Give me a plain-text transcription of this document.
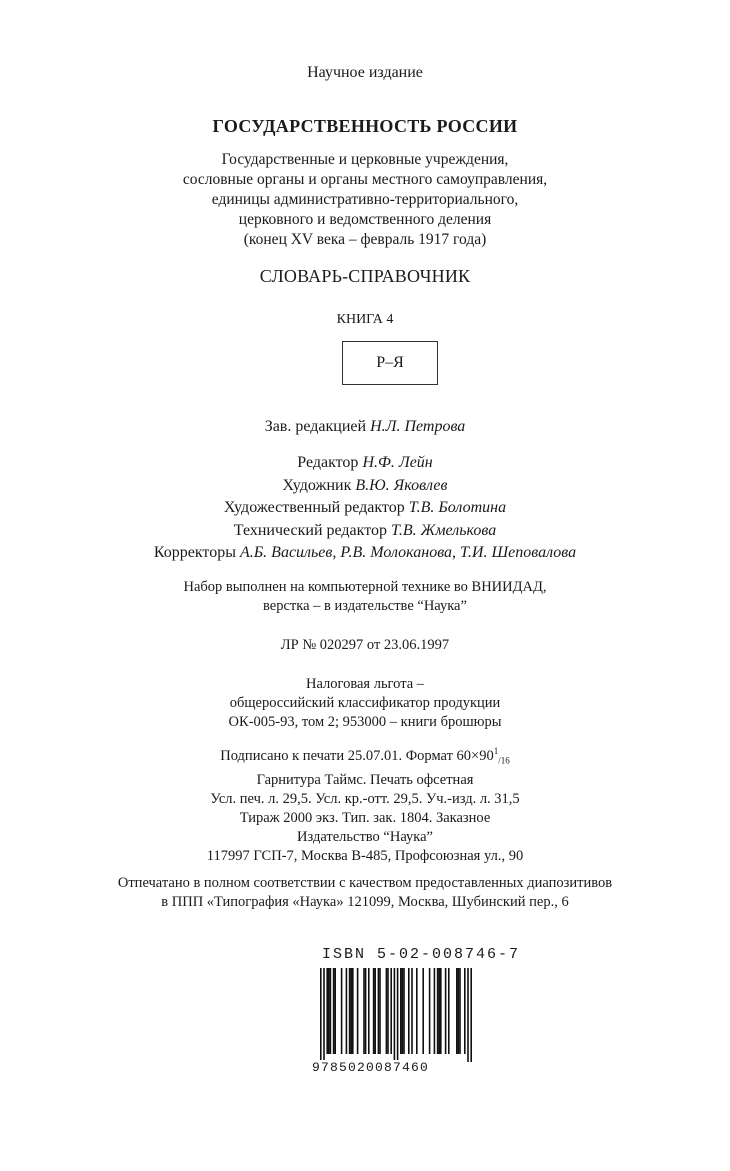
Научное издание
ГОСУДАРСТВЕННОСТЬ РОССИИ
Государственные и церковные учреждения,
сословные органы и органы местного самоуправления,
единицы административно-территориального,
церковного и ведомственного деления
(конец XV века – февраль 1917 года)
СЛОВАРЬ-СПРАВОЧНИК
КНИГА 4
Р–Я
Зав. редакцией Н.Л. Петрова
Редактор Н.Ф. Лейн
Художник В.Ю. Яковлев
Художественный редактор Т.В. Болотина
Технический редактор Т.В. Жмелькова
Корректоры А.Б. Васильев, Р.В. Молоканова, Т.И. Шеповалова
Набор выполнен на компьютерной технике во ВНИИДАД,
верстка – в издательстве “Наука”
ЛР № 020297 от 23.06.1997
Налоговая льгота –
общероссийский классификатор продукции
ОК-005-93, том 2; 953000 – книги брошюры
Подписано к печати 25.07.01. Формат $60\times 90^1_{/16}$
Гарнитура Таймс. Печать офсетная
Усл. печ. л. 29,5. Усл. кр.-отт. 29,5. Уч.-изд. л. 31,5
Тираж 2000 экз. Тип. зак. 1804. Заказное
Издательство “Наука”
117997 ГСП-7, Москва В-485, Профсоюзная ул., 90
Отпечатано в полном соответствии с качеством предоставленных диапозитивов
в ППП «Типография «Наука» 121099, Москва, Шубинский пер., 6
ISBN 5-02-008746-7
9785020087460
